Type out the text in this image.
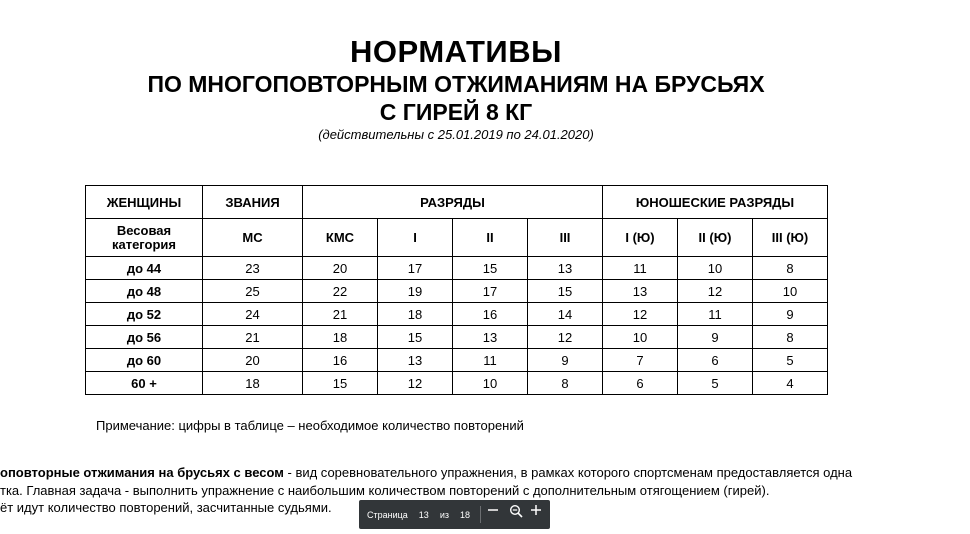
НОРМАТИВЫ
ПО МНОГОПОВТОРНЫМ ОТЖИМАНИЯМ НА БРУСЬЯХ
С ГИРЕЙ 8 КГ
(действительны с 25.01.2019 по 24.01.2020)
ЖЕНЩИНЫ	ЗВАНИЯ	РАЗРЯДЫ				ЮНОШЕСКИЕ РАЗРЯДЫ		
Весовая категория	МС	КМС	I	II	III	I (Ю)	II (Ю)	III (Ю)
до 44	23	20	17	15	13	11	10	8
до 48	25	22	19	17	15	13	12	10
до 52	24	21	18	16	14	12	11	9
до 56	21	18	15	13	12	10	9	8
до 60	20	16	13	11	9	7	6	5
60 +	18	15	12	10	8	6	5	4
Примечание: цифры в таблице – необходимое количество повторений
оповторные отжимания на брусьях с весом - вид соревновательного упражнения, в рамках которого спортсменам предоставляется одна
тка. Главная задача - выполнить упражнение с наибольшим количеством повторений с дополнительным отягощением (гирей).
ёт идут количество повторений, засчитанные судьями.	Страница 13 из 18
